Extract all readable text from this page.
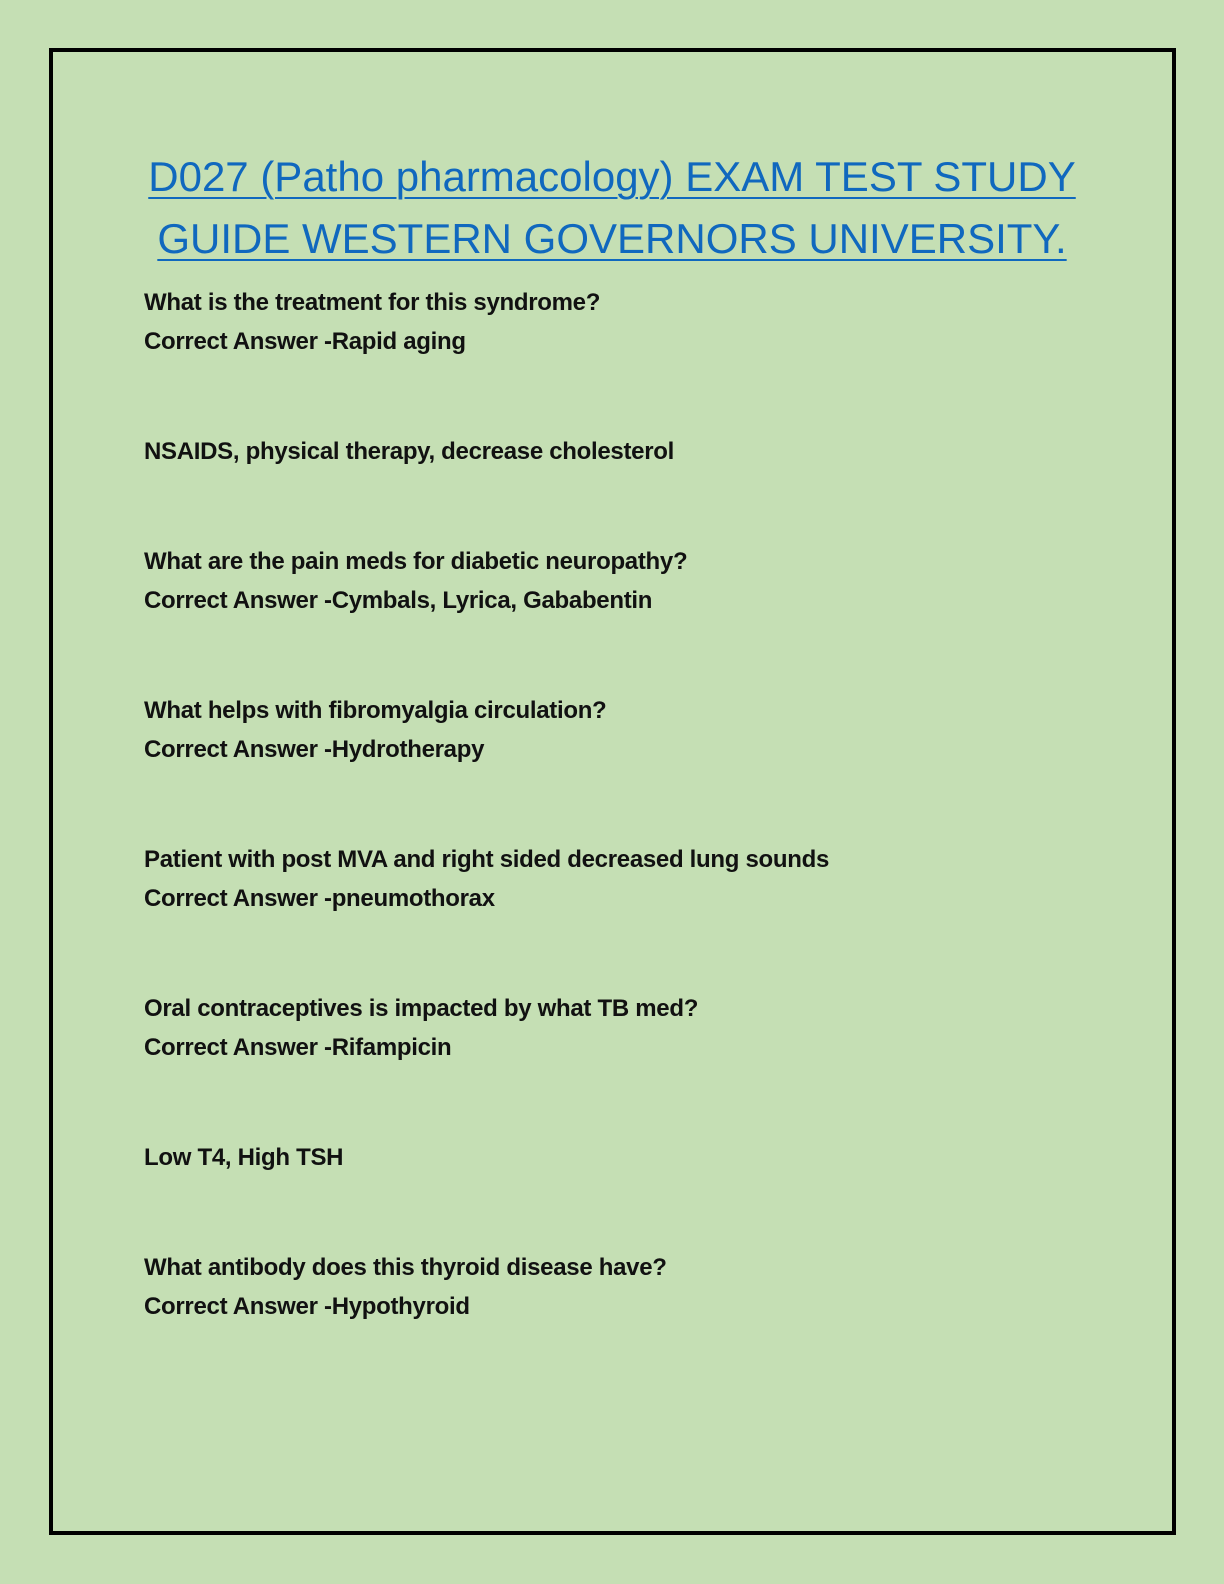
D027 (Patho pharmacology) EXAM TEST STUDY
GUIDE WESTERN GOVERNORS UNIVERSITY.
What is the treatment for this syndrome?
Correct Answer -Rapid aging
NSAIDS, physical therapy, decrease cholesterol
What are the pain meds for diabetic neuropathy?
Correct Answer -Cymbals, Lyrica, Gababentin
What helps with fibromyalgia circulation?
Correct Answer -Hydrotherapy
Patient with post MVA and right sided decreased lung sounds
Correct Answer -pneumothorax
Oral contraceptives is impacted by what TB med?
Correct Answer -Rifampicin
Low T4, High TSH
What antibody does this thyroid disease have?
Correct Answer -Hypothyroid
